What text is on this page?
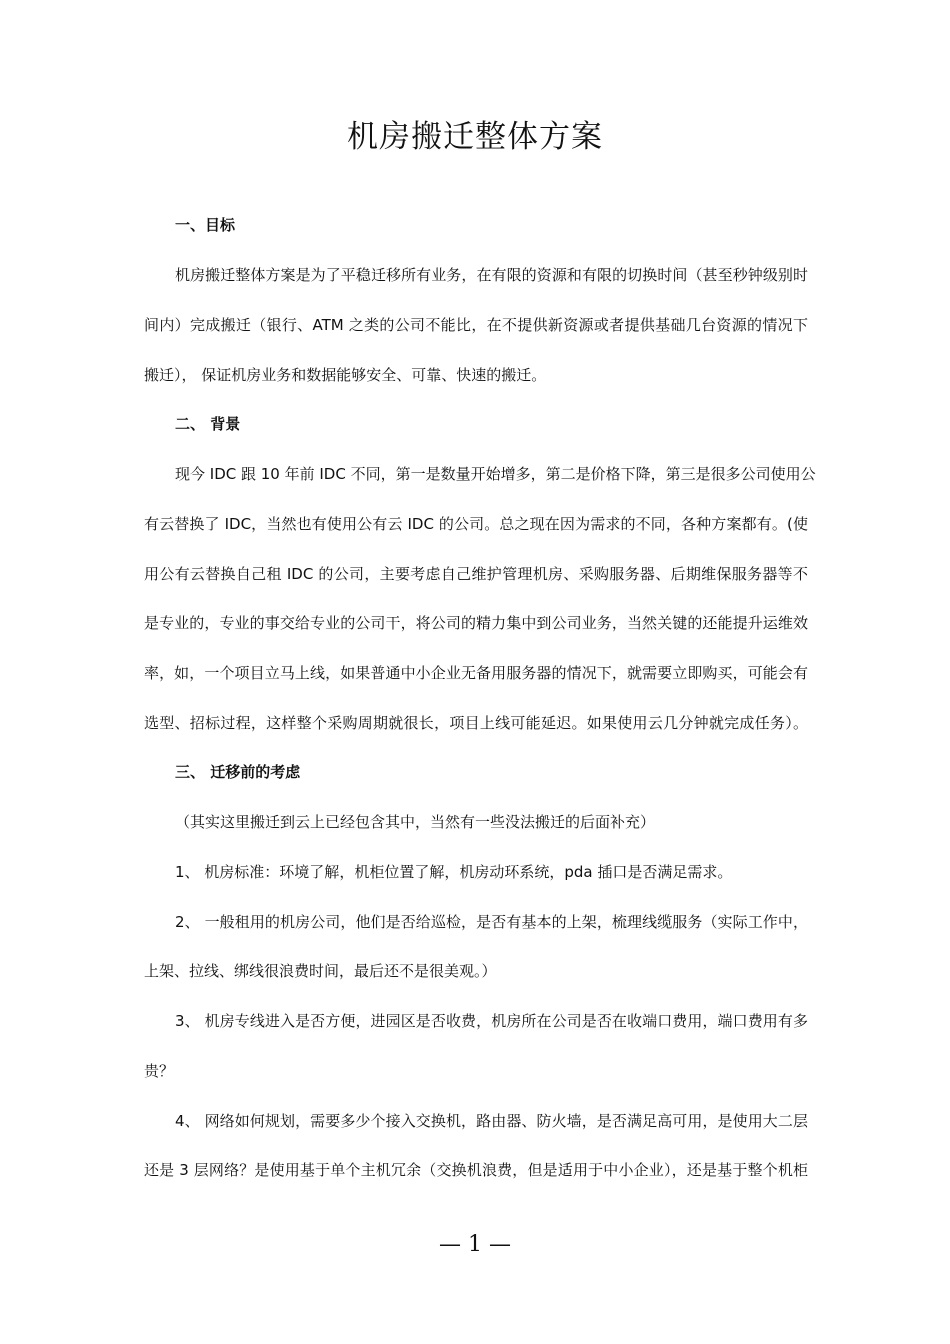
机房搬迁整体方案

一、目标

机房搬迁整体方案是为了平稳迁移所有业务，在有限的资源和有限的切换时间（甚至秒钟级别时

间内）完成搬迁（银行、ATM 之类的公司不能比，在不提供新资源或者提供基础几台资源的情况下

搬迁）， 保证机房业务和数据能够安全、可靠、快速的搬迁。

二、 背景

现今 IDC 跟 10 年前 IDC 不同，第一是数量开始增多，第二是价格下降，第三是很多公司使用公

有云替换了 IDC，当然也有使用公有云 IDC 的公司。总之现在因为需求的不同，各种方案都有。(使

用公有云替换自己租 IDC 的公司，主要考虑自己维护管理机房、采购服务器、后期维保服务器等不

是专业的，专业的事交给专业的公司干，将公司的精力集中到公司业务，当然关键的还能提升运维效

率，如，一个项目立马上线，如果普通中小企业无备用服务器的情况下，就需要立即购买，可能会有

选型、招标过程，这样整个采购周期就很长，项目上线可能延迟。如果使用云几分钟就完成任务）。

三、 迁移前的考虑

（其实这里搬迁到云上已经包含其中，当然有一些没法搬迁的后面补充）

1、 机房标准：环境了解，机柜位置了解，机房动环系统，pda 插口是否满足需求。

2、 一般租用的机房公司，他们是否给巡检，是否有基本的上架，梳理线缆服务（实际工作中，

上架、拉线、绑线很浪费时间，最后还不是很美观。）

3、 机房专线进入是否方便，进园区是否收费，机房所在公司是否在收端口费用，端口费用有多

贵？

4、 网络如何规划，需要多少个接入交换机，路由器、防火墙，是否满足高可用，是使用大二层

还是 3 层网络？是使用基于单个主机冗余（交换机浪费，但是适用于中小企业），还是基于整个机柜

— 1 —
